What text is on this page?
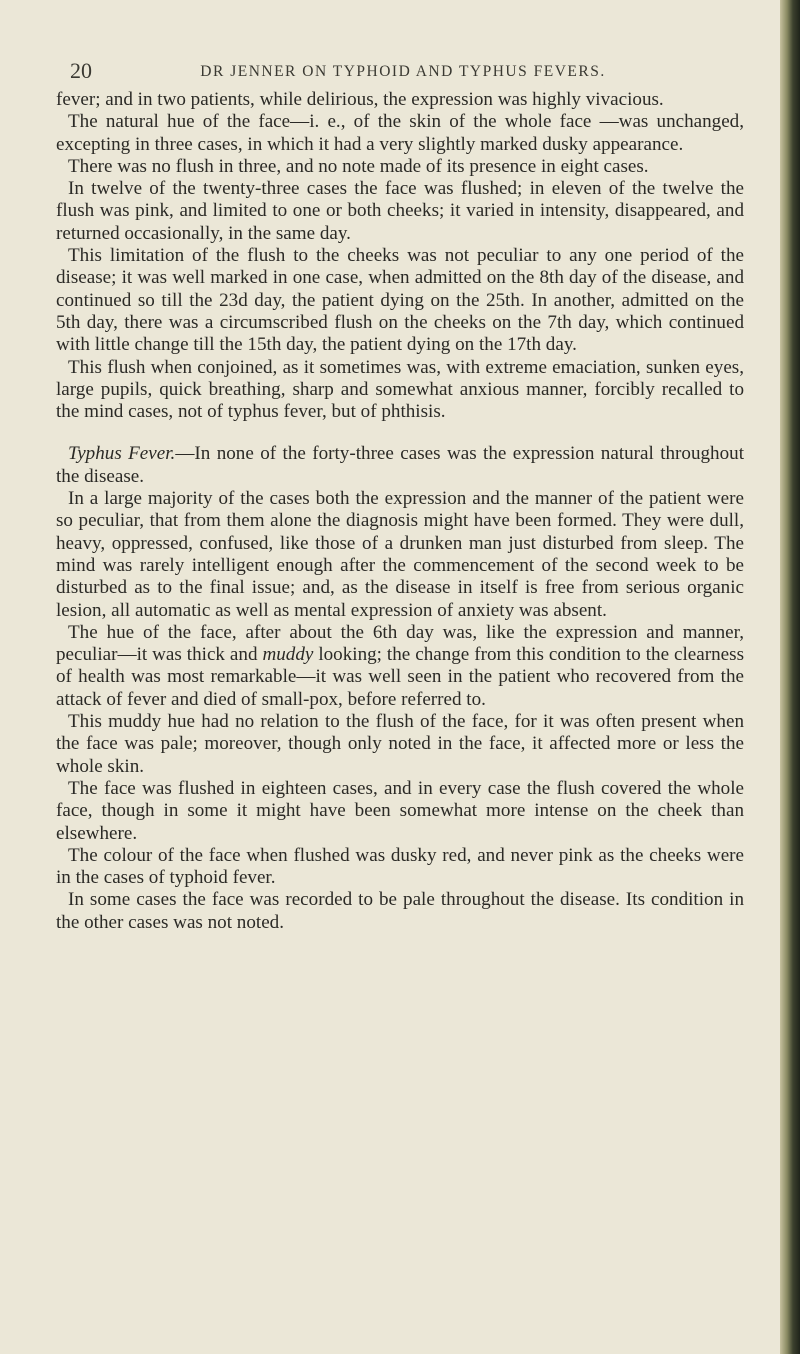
20	DR JENNER ON TYPHOID AND TYPHUS FEVERS.

fever; and in two patients, while delirious, the expression was highly vivacious.

The natural hue of the face—i. e., of the skin of the whole face —was unchanged, excepting in three cases, in which it had a very slightly marked dusky appearance.

There was no flush in three, and no note made of its presence in eight cases.

In twelve of the twenty-three cases the face was flushed; in eleven of the twelve the flush was pink, and limited to one or both cheeks; it varied in intensity, disappeared, and returned occasionally, in the same day.

This limitation of the flush to the cheeks was not peculiar to any one period of the disease; it was well marked in one case, when admitted on the 8th day of the disease, and continued so till the 23d day, the patient dying on the 25th. In another, admitted on the 5th day, there was a circumscribed flush on the cheeks on the 7th day, which continued with little change till the 15th day, the patient dying on the 17th day.

This flush when conjoined, as it sometimes was, with extreme emaciation, sunken eyes, large pupils, quick breathing, sharp and somewhat anxious manner, forcibly recalled to the mind cases, not of typhus fever, but of phthisis.

Typhus Fever.—In none of the forty-three cases was the expression natural throughout the disease.

In a large majority of the cases both the expression and the manner of the patient were so peculiar, that from them alone the diagnosis might have been formed. They were dull, heavy, oppressed, confused, like those of a drunken man just disturbed from sleep. The mind was rarely intelligent enough after the commencement of the second week to be disturbed as to the final issue; and, as the disease in itself is free from serious organic lesion, all automatic as well as mental expression of anxiety was absent.

The hue of the face, after about the 6th day was, like the expression and manner, peculiar—it was thick and muddy looking; the change from this condition to the clearness of health was most remarkable—it was well seen in the patient who recovered from the attack of fever and died of small-pox, before referred to.

This muddy hue had no relation to the flush of the face, for it was often present when the face was pale; moreover, though only noted in the face, it affected more or less the whole skin.

The face was flushed in eighteen cases, and in every case the flush covered the whole face, though in some it might have been somewhat more intense on the cheek than elsewhere.

The colour of the face when flushed was dusky red, and never pink as the cheeks were in the cases of typhoid fever.

In some cases the face was recorded to be pale throughout the disease. Its condition in the other cases was not noted.
